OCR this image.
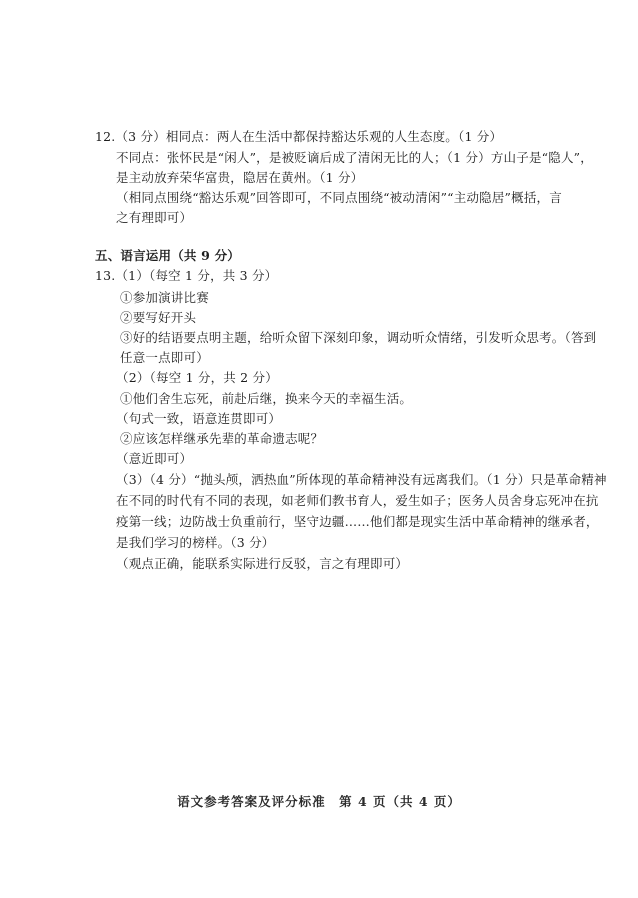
12.（3 分）相同点：两人在生活中都保持豁达乐观的人生态度。（1 分）
不同点：张怀民是“闲人”，是被贬谪后成了清闲无比的人；（1 分）方山子是“隐人”，
是主动放弃荣华富贵，隐居在黄州。（1 分）
（相同点围绕“豁达乐观”回答即可，不同点围绕“被动清闲”“主动隐居”概括，言
之有理即可）
五、语言运用（共 9 分）
13.（1）（每空 1 分，共 3 分）
①参加演讲比赛
②要写好开头
③好的结语要点明主题，给听众留下深刻印象，调动听众情绪，引发听众思考。（答到
任意一点即可）
（2）（每空 1 分，共 2 分）
①他们舍生忘死，前赴后继，换来今天的幸福生活。
（句式一致，语意连贯即可）
②应该怎样继承先辈的革命遗志呢？
（意近即可）
（3）（4 分）“抛头颅，洒热血”所体现的革命精神没有远离我们。（1 分）只是革命精神
在不同的时代有不同的表现，如老师们教书育人，爱生如子；医务人员舍身忘死冲在抗
疫第一线；边防战士负重前行，坚守边疆……他们都是现实生活中革命精神的继承者，
是我们学习的榜样。（3 分）
（观点正确，能联系实际进行反驳，言之有理即可）
语文参考答案及评分标准　第 4 页（共 4 页）
